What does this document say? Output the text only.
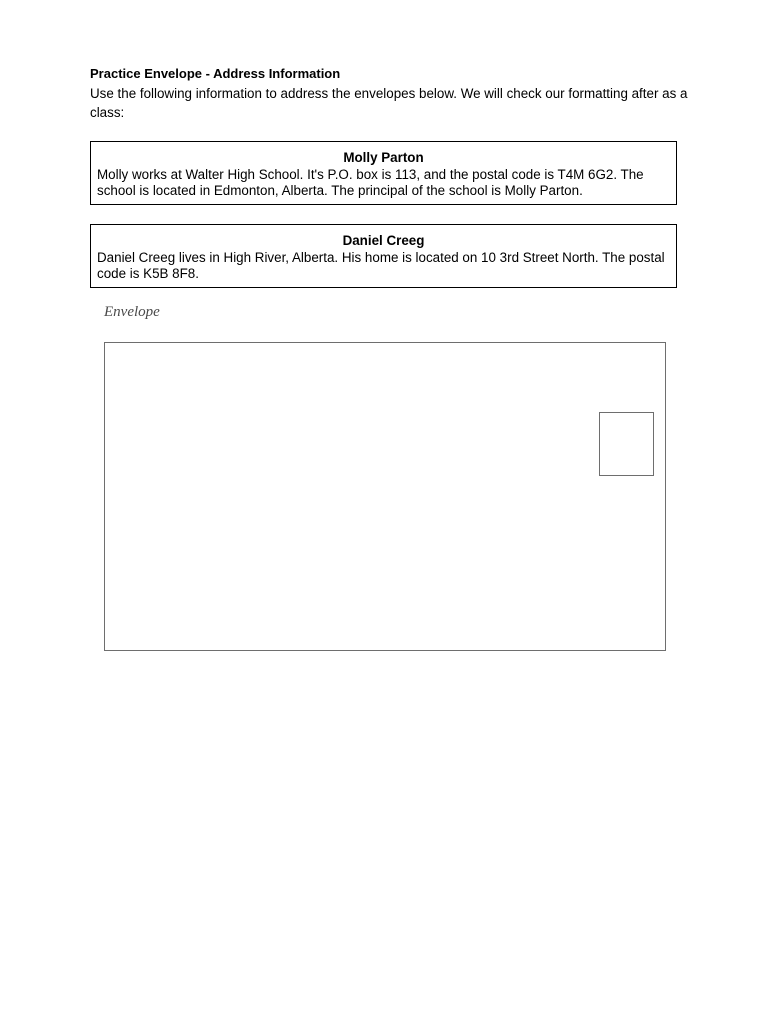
Practice Envelope - Address Information
Use the following information to address the envelopes below. We will check our formatting after as a class:
Molly Parton
Molly works at Walter High School. It's P.O. box is 113, and the postal code is T4M 6G2. The school is located in Edmonton, Alberta. The principal of the school is Molly Parton.
Daniel Creeg
Daniel Creeg lives in High River, Alberta. His home is located on 10 3rd Street North. The postal code is K5B 8F8.
Envelope
